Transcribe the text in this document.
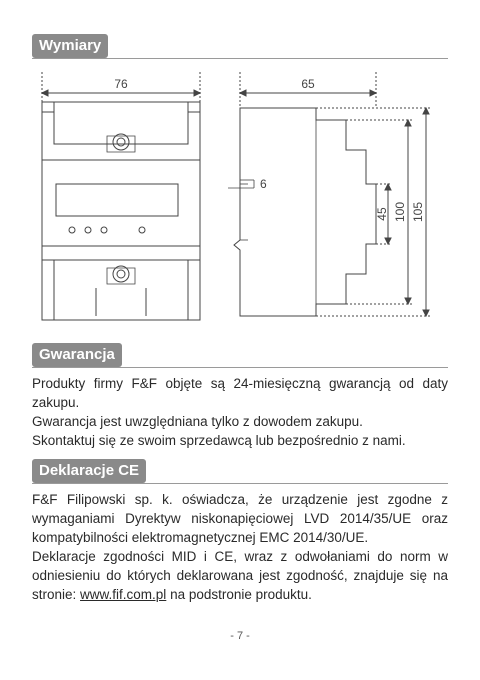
Wymiary
76	65
6
45 100 105
Gwarancja

Produkty firmy F&F objęte są 24-miesięczną gwarancją od daty zakupu.

Gwarancja jest uwzględniana tylko z dowodem zakupu.

Skontaktuj się ze swoim sprzedawcą lub bezpośrednio z nami.

Deklaracje CE

F&F Filipowski sp. k. oświadcza, że urządzenie jest zgodne z wymaganiami Dyrektyw niskonapięciowej LVD 2014/35/UE oraz kompatybilności elektromagnetycznej EMC 2014/30/UE.

Deklaracje zgodności MID i CE, wraz z odwołaniami do norm w odniesieniu do których deklarowana jest zgodność, znajduje się na stronie: www.fif.com.pl na podstronie produktu.

- 7 -
